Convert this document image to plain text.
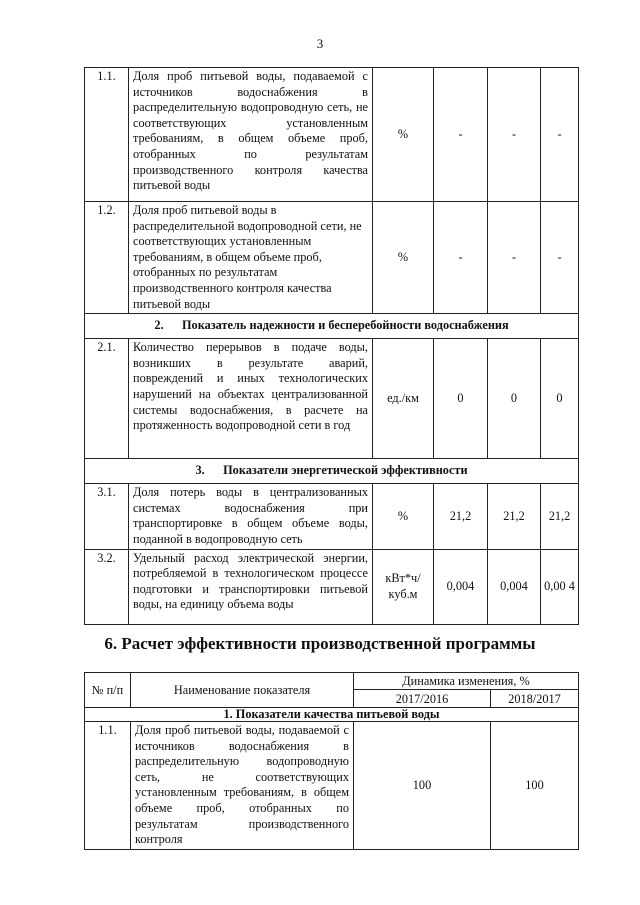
3
1.1.	Доля проб питьевой воды, подаваемой с источников водоснабжения в распределительную водопроводную сеть, не соответствующих установленным требованиям, в общем объеме проб, отобранных по результатам производственного контроля качества питьевой воды	%	-	-	-
1.2.	Доля проб питьевой воды в распределительной водопроводной сети, не соответствующих установленным требованиям, в общем объеме проб, отобранных по результатам производственного контроля качества питьевой воды	%	-	-	-
2.      Показатель надежности и бесперебойности водоснабжения					
2.1.	Количество перерывов в подаче воды, возникших в результате аварий, повреждений и иных технологических нарушений на объектах централизованной системы водоснабжения, в расчете на протяженность водопроводной сети в год	ед./км	0	0	0
3.      Показатели энергетической эффективности					
3.1.	Доля потерь воды в централизованных системах водоснабжения при транспортировке в общем объеме воды, поданной в водопроводную сеть	%	21,2	21,2	21,2
3.2.	Удельный расход электрической энергии, потребляемой в технологическом процессе подготовки и транспортировки питьевой воды, на единицу объема воды	кВт*ч/ куб.м	0,004	0,004	0,00 4
6. Расчет эффективности производственной программы
№ п/п	Наименование показателя	Динамика изменения, %	
		2017/2016	2018/2017
1. Показатели качества питьевой воды			
1.1.	Доля проб питьевой воды, подаваемой с источников водоснабжения в распределительную водопроводную сеть, не соответствующих установленным требованиям, в общем объеме проб, отобранных по результатам производственного контроля	100	100
